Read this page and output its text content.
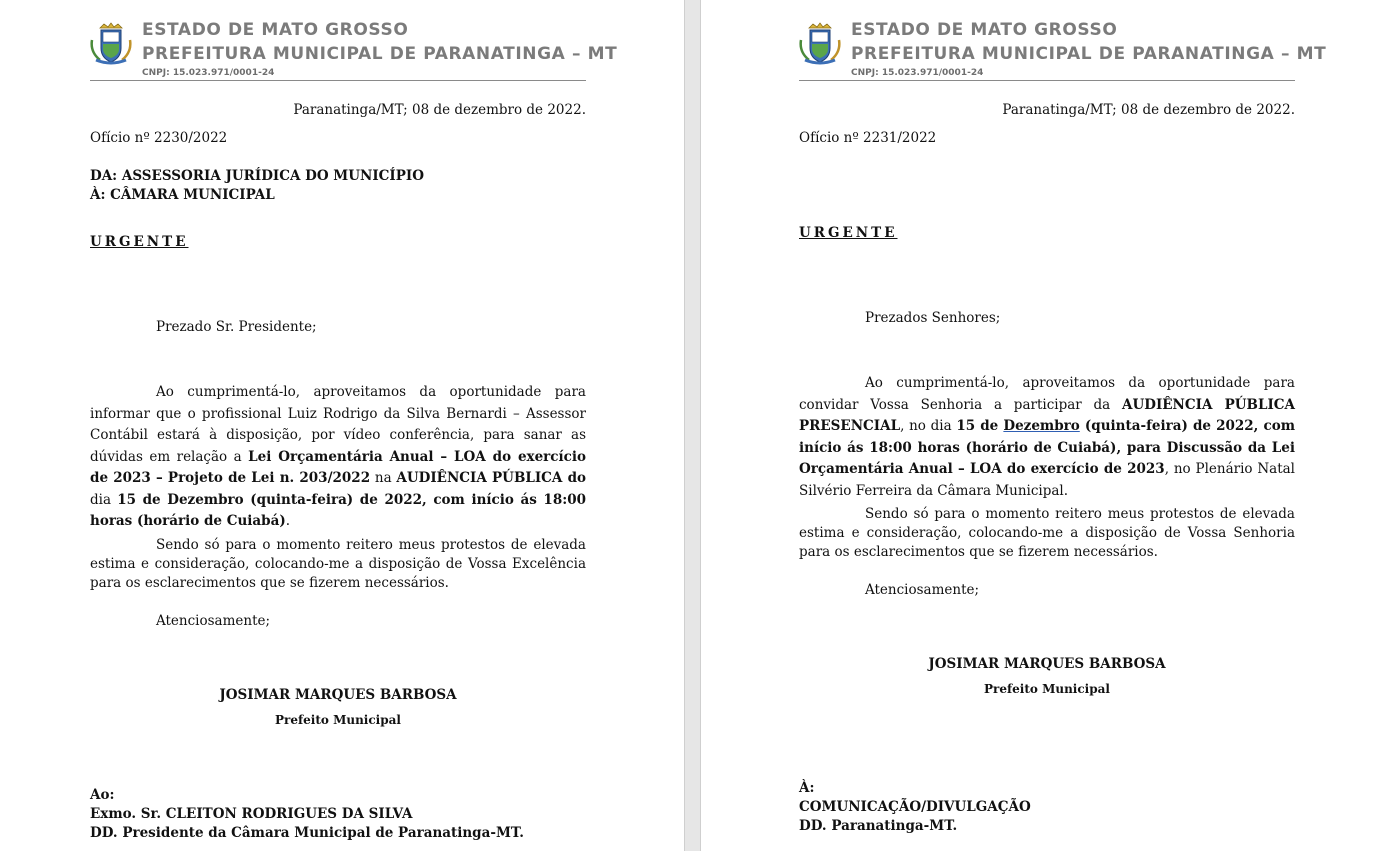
ESTADO DE MATO GROSSO
PREFEITURA MUNICIPAL DE PARANATINGA – MT
CNPJ: 15.023.971/0001-24
Paranatinga/MT; 08 de dezembro de 2022.
Ofício nº 2230/2022
DA: ASSESSORIA JURÍDICA DO MUNICÍPIO
À: CÂMARA MUNICIPAL
URGENTE
Prezado Sr. Presidente;
Ao cumprimentá-lo, aproveitamos da oportunidade para informar que o profissional Luiz Rodrigo da Silva Bernardi – Assessor Contábil estará à disposição, por vídeo conferência, para sanar as dúvidas em relação a Lei Orçamentária Anual – LOA do exercício de 2023 – Projeto de Lei n. 203/2022 na AUDIÊNCIA PÚBLICA do dia 15 de Dezembro (quinta-feira) de 2022, com início ás 18:00 horas (horário de Cuiabá).
Sendo só para o momento reitero meus protestos de elevada estima e consideração, colocando-me a disposição de Vossa Excelência para os esclarecimentos que se fizerem necessários.
Atenciosamente;
JOSIMAR MARQUES BARBOSA
Prefeito Municipal
Ao:
Exmo. Sr. CLEITON RODRIGUES DA SILVA
DD. Presidente da Câmara Municipal de Paranatinga-MT.
ESTADO DE MATO GROSSO
PREFEITURA MUNICIPAL DE PARANATINGA – MT
CNPJ: 15.023.971/0001-24
Paranatinga/MT; 08 de dezembro de 2022.
Ofício nº 2231/2022
URGENTE
Prezados Senhores;
Ao cumprimentá-lo, aproveitamos da oportunidade para convidar Vossa Senhoria a participar da AUDIÊNCIA PÚBLICA PRESENCIAL, no dia 15 de Dezembro (quinta-feira) de 2022, com início ás 18:00 horas (horário de Cuiabá), para Discussão da Lei Orçamentária Anual – LOA do exercício de 2023, no Plenário Natal Silvério Ferreira da Câmara Municipal.
Sendo só para o momento reitero meus protestos de elevada estima e consideração, colocando-me a disposição de Vossa Senhoria para os esclarecimentos que se fizerem necessários.
Atenciosamente;
JOSIMAR MARQUES BARBOSA
Prefeito Municipal
À:
COMUNICAÇÃO/DIVULGAÇÃO
DD. Paranatinga-MT.
